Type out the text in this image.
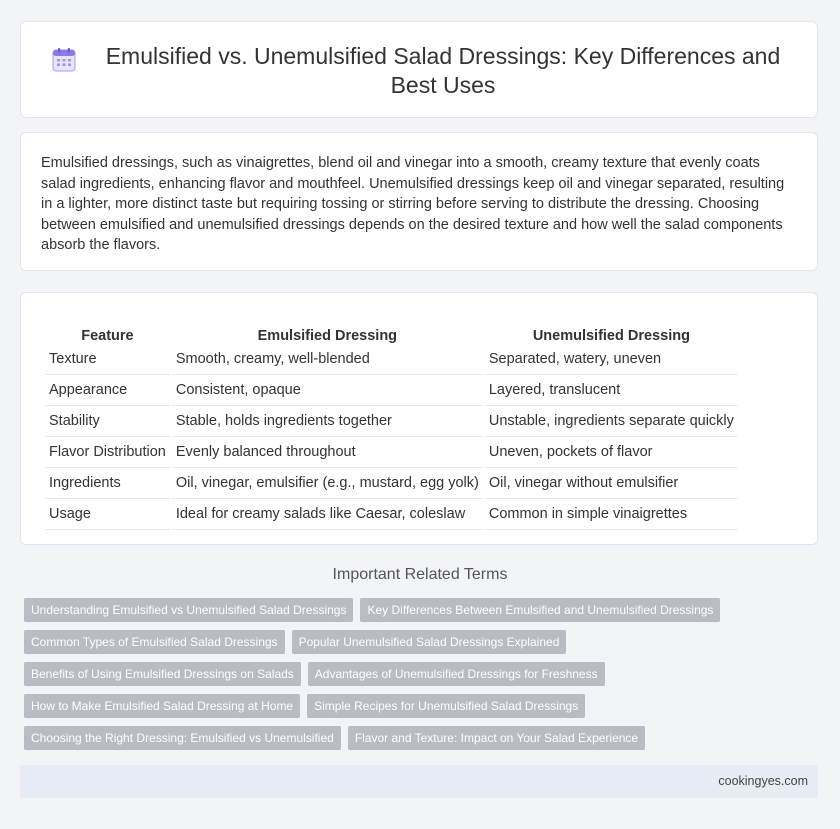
Emulsified vs. Unemulsified Salad Dressings: Key Differences and Best Uses

Emulsified dressings, such as vinaigrettes, blend oil and vinegar into a smooth, creamy texture that evenly coats salad ingredients, enhancing flavor and mouthfeel. Unemulsified dressings keep oil and vinegar separated, resulting in a lighter, more distinct taste but requiring tossing or stirring before serving to distribute the dressing. Choosing between emulsified and unemulsified dressings depends on the desired texture and how well the salad components absorb the flavors.

Feature	Emulsified Dressing	Unemulsified Dressing
Texture	Smooth, creamy, well-blended	Separated, watery, uneven
Appearance	Consistent, opaque	Layered, translucent
Stability	Stable, holds ingredients together	Unstable, ingredients separate quickly
Flavor Distribution	Evenly balanced throughout	Uneven, pockets of flavor
Ingredients	Oil, vinegar, emulsifier (e.g., mustard, egg yolk)	Oil, vinegar without emulsifier
Usage	Ideal for creamy salads like Caesar, coleslaw	Common in simple vinaigrettes
Important Related Terms
Understanding Emulsified vs Unemulsified Salad Dressings	Key Differences Between Emulsified and Unemulsified Dressings
Common Types of Emulsified Salad Dressings	Popular Unemulsified Salad Dressings Explained
Benefits of Using Emulsified Dressings on Salads	Advantages of Unemulsified Dressings for Freshness
How to Make Emulsified Salad Dressing at Home	Simple Recipes for Unemulsified Salad Dressings
Choosing the Right Dressing: Emulsified vs Unemulsified	Flavor and Texture: Impact on Your Salad Experience
cookingyes.com
